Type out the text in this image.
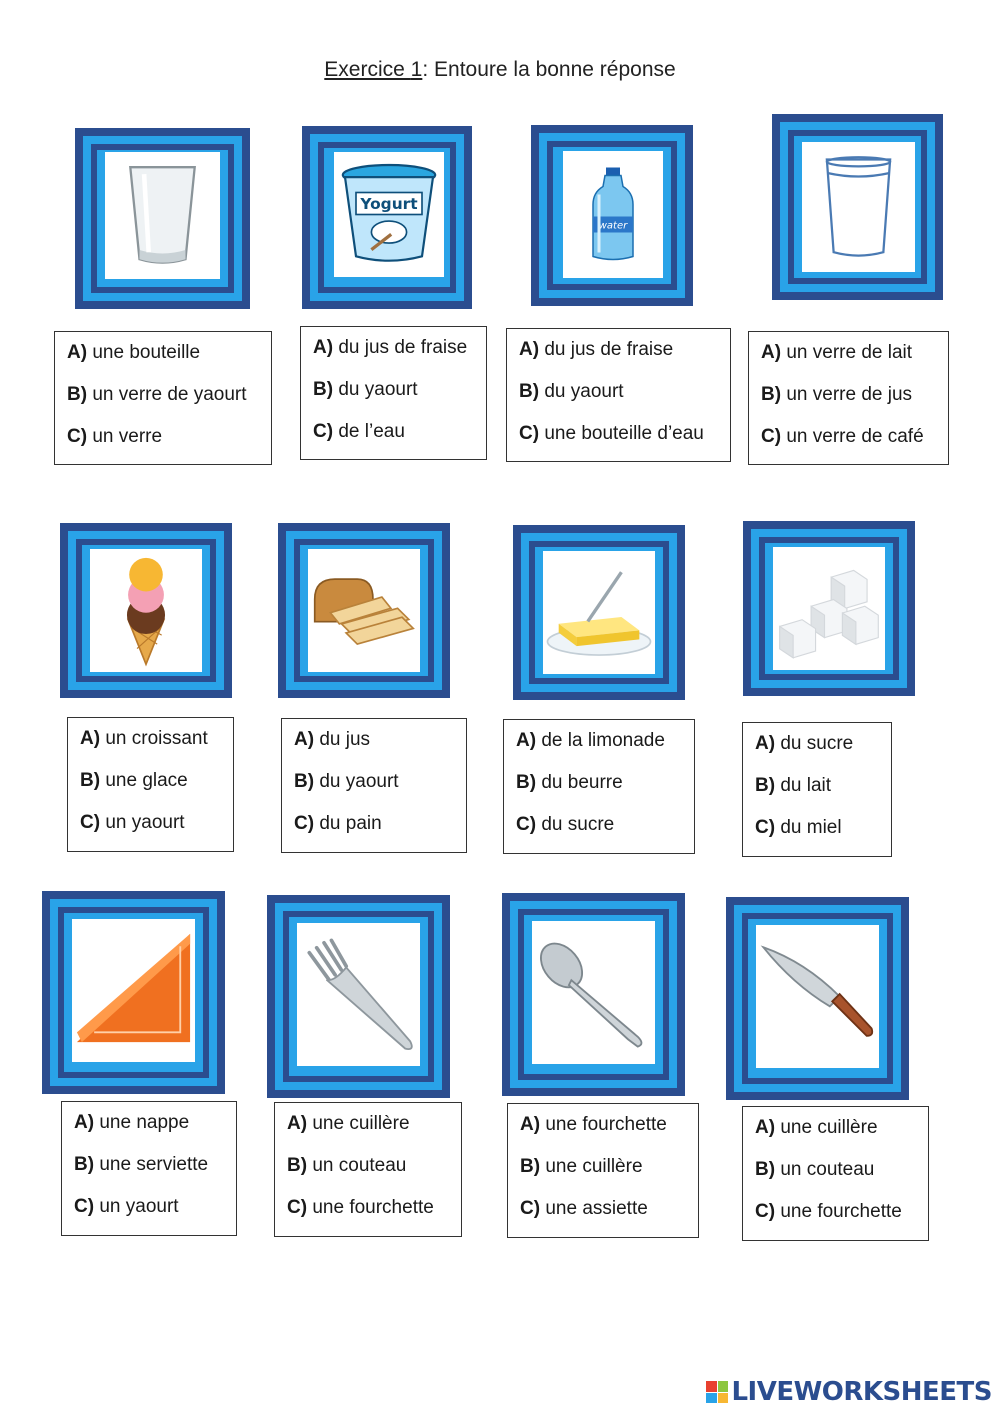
Exercice 1: Entoure la bonne réponse
A) une bouteille
B) un verre de yaourt
C) un verre
Yogurt
A) du jus de fraise
B) du yaourt
C) de l’eau
water
A) du jus de fraise
B) du yaourt
C) une bouteille d’eau
A) un verre de lait
B) un verre de jus
C) un verre de café
A) un croissant
B) une glace
C) un yaourt
A) du jus
B) du yaourt
C) du pain
A) de la limonade
B) du beurre
C) du sucre
A) du sucre
B) du lait
C) du miel
A) une nappe
B) une serviette
C) un yaourt
A) une cuillère
B) un couteau
C) une fourchette
A) une fourchette
B) une cuillère
C) une assiette
A) une cuillère
B) un couteau
C) une fourchette
LIVEWORKSHEETS
